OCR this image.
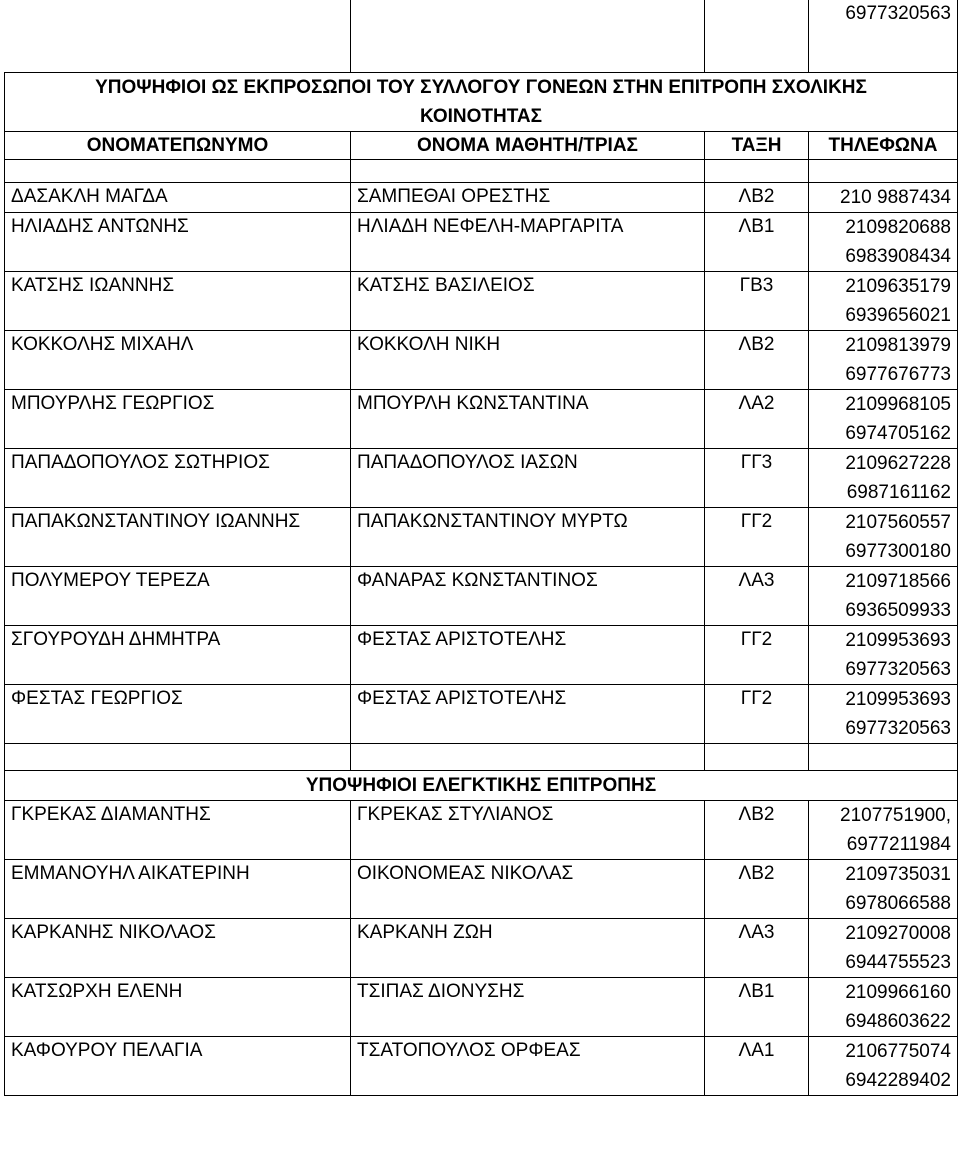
			6977320563

ΥΠΟΨΗΦΙΟΙ ΩΣ ΕΚΠΡΟΣΩΠΟΙ ΤΟΥ ΣΥΛΛΟΓΟΥ ΓΟΝΕΩΝ ΣΤΗΝ ΕΠΙΤΡΟΠΗ ΣΧΟΛΙΚΗΣ
ΚΟΙΝΟΤΗΤΑΣ			

ΟΝΟΜΑΤΕΠΩΝΥΜΟ	ΟΝΟΜΑ ΜΑΘΗΤΗ/ΤΡΙΑΣ	ΤΑΞΗ	ΤΗΛΕΦΩΝΑ

ΔΑΣΑΚΛΗ ΜΑΓΔΑ	ΣΑΜΠΕΘΑΙ ΟΡΕΣΤΗΣ	ΛΒ2	210 9887434

ΗΛΙΑΔΗΣ ΑΝΤΩΝΗΣ	ΗΛΙΑΔΗ ΝΕΦΕΛΗ-ΜΑΡΓΑΡΙΤΑ	ΛΒ1	2109820688
6983908434

ΚΑΤΣΗΣ ΙΩΑΝΝΗΣ	ΚΑΤΣΗΣ ΒΑΣΙΛΕΙΟΣ	ΓΒ3	2109635179
6939656021

ΚΟΚΚΟΛΗΣ ΜΙΧΑΗΛ	ΚΟΚΚΟΛΗ ΝΙΚΗ	ΛΒ2	2109813979
6977676773

ΜΠΟΥΡΛΗΣ ΓΕΩΡΓΙΟΣ	ΜΠΟΥΡΛΗ ΚΩΝΣΤΑΝΤΙΝΑ	ΛΑ2	2109968105
6974705162

ΠΑΠΑΔΟΠΟΥΛΟΣ ΣΩΤΗΡΙΟΣ	ΠΑΠΑΔΟΠΟΥΛΟΣ ΙΑΣΩΝ	ΓΓ3	2109627228
6987161162

ΠΑΠΑΚΩΝΣΤΑΝΤΙΝΟΥ ΙΩΑΝΝΗΣ	ΠΑΠΑΚΩΝΣΤΑΝΤΙΝΟΥ ΜΥΡΤΩ	ΓΓ2	2107560557
6977300180

ΠΟΛΥΜΕΡΟΥ ΤΕΡΕΖΑ	ΦΑΝΑΡΑΣ ΚΩΝΣΤΑΝΤΙΝΟΣ	ΛΑ3	2109718566
6936509933

ΣΓΟΥΡΟΥΔΗ ΔΗΜΗΤΡΑ	ΦΕΣΤΑΣ ΑΡΙΣΤΟΤΕΛΗΣ	ΓΓ2	2109953693
6977320563

ΦΕΣΤΑΣ ΓΕΩΡΓΙΟΣ	ΦΕΣΤΑΣ ΑΡΙΣΤΟΤΕΛΗΣ	ΓΓ2	2109953693
6977320563

ΥΠΟΨΗΦΙΟΙ ΕΛΕΓΚΤΙΚΗΣ ΕΠΙΤΡΟΠΗΣ			
ΓΚΡΕΚΑΣ ΔΙΑΜΑΝΤΗΣ	ΓΚΡΕΚΑΣ ΣΤΥΛΙΑΝΟΣ	ΛΒ2	2107751900,
6977211984

ΕΜΜΑΝΟΥΗΛ ΑΙΚΑΤΕΡΙΝΗ	ΟΙΚΟΝΟΜΕΑΣ ΝΙΚΟΛΑΣ	ΛΒ2	2109735031
6978066588

ΚΑΡΚΑΝΗΣ ΝΙΚΟΛΑΟΣ	ΚΑΡΚΑΝΗ ΖΩΗ	ΛΑ3	2109270008
6944755523

ΚΑΤΣΩΡΧΗ ΕΛΕΝΗ	ΤΣΙΠΑΣ ΔΙΟΝΥΣΗΣ	ΛΒ1	2109966160
6948603622

ΚΑΦΟΥΡΟΥ ΠΕΛΑΓΙΑ	ΤΣΑΤΟΠΟΥΛΟΣ ΟΡΦΕΑΣ	ΛΑ1	2106775074
6942289402
